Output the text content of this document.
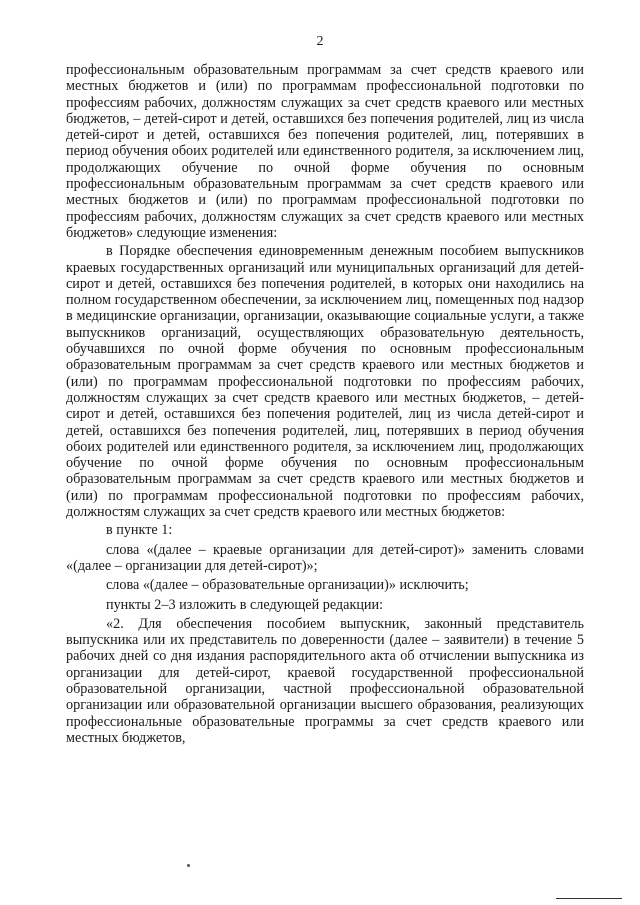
2

профессиональным образовательным программам за счет средств краевого или местных бюджетов и (или) по программам профессиональной подготовки по профессиям рабочих, должностям служащих за счет средств краевого или местных бюджетов, – детей-сирот и детей, оставшихся без попечения родителей, лиц из числа детей-сирот и детей, оставшихся без попечения родителей, лиц, потерявших в период обучения обоих родителей или единственного родителя, за исключением лиц, продолжающих обучение по очной форме обучения по основным профессиональным образовательным программам за счет средств краевого или местных бюджетов и (или) по программам профессиональной подготовки по профессиям рабочих, должностям служащих за счет средств краевого или местных бюджетов» следующие изменения:

в Порядке обеспечения единовременным денежным пособием выпускников краевых государственных организаций или муниципальных организаций для детей-сирот и детей, оставшихся без попечения родителей, в которых они находились на полном государственном обеспечении, за исключением лиц, помещенных под надзор в медицинские организации, организации, оказывающие социальные услуги, а также выпускников организаций, осуществляющих образовательную деятельность, обучавшихся по очной форме обучения по основным профессиональным образовательным программам за счет средств краевого или местных бюджетов и (или) по программам профессиональной подготовки по профессиям рабочих, должностям служащих за счет средств краевого или местных бюджетов, – детей-сирот и детей, оставшихся без попечения родителей, лиц из числа детей-сирот и детей, оставшихся без попечения родителей, лиц, потерявших в период обучения обоих родителей или единственного родителя, за исключением лиц, продолжающих обучение по очной форме обучения по основным профессиональным образовательным программам за счет средств краевого или местных бюджетов и (или) по программам профессиональной подготовки по профессиям рабочих, должностям служащих за счет средств краевого или местных бюджетов:

в пункте 1:

слова «(далее – краевые организации для детей-сирот)» заменить словами «(далее – организации для детей-сирот)»;

слова «(далее – образовательные организации)» исключить;

пункты 2–3 изложить в следующей редакции:

«2. Для обеспечения пособием выпускник, законный представитель выпускника или их представитель по доверенности (далее – заявители) в течение 5 рабочих дней со дня издания распорядительного акта об отчислении выпускника из организации для детей-сирот, краевой государственной профессиональной образовательной организации, частной профессиональной образовательной организации или образовательной организации высшего образования, реализующих профессиональные образовательные программы за счет средств краевого или местных бюджетов,
